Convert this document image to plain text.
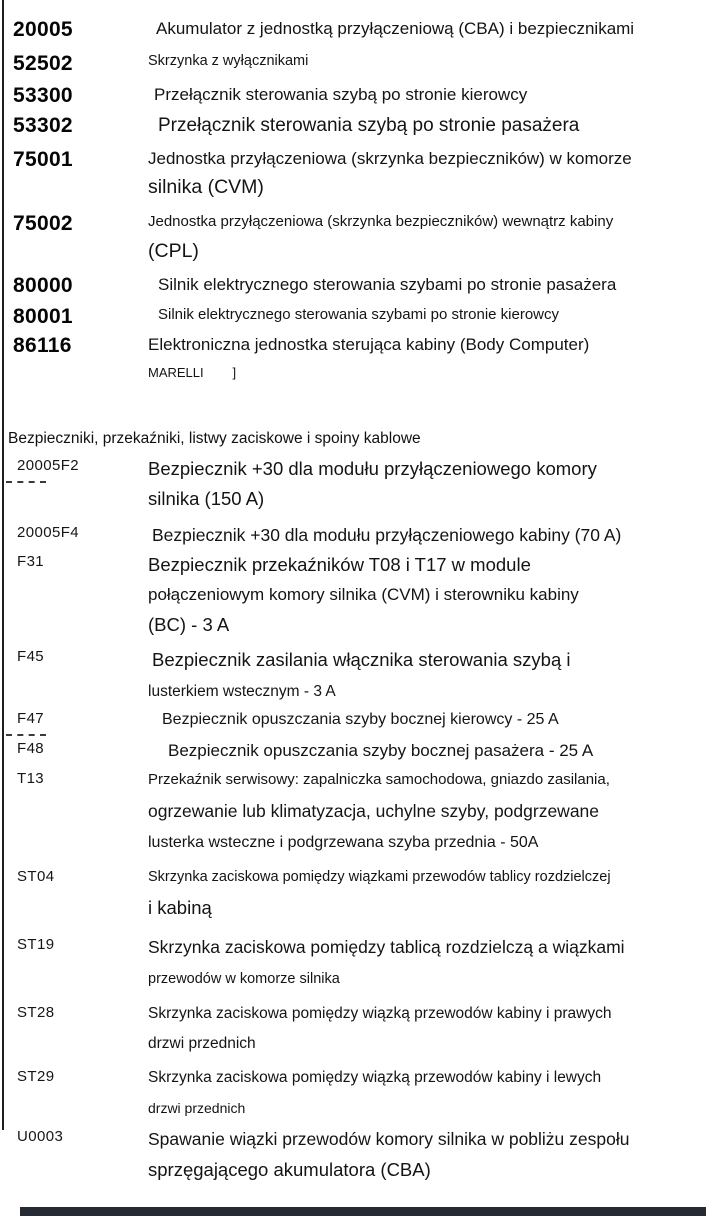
20005	Akumulator z jednostką przyłączeniową (CBA) i bezpiecznikami
52502	Skrzynka z wyłącznikami
53300	Przełącznik sterowania szybą po stronie kierowcy
53302	Przełącznik sterowania szybą po stronie pasażera
75001	Jednostka przyłączeniowa (skrzynka bezpieczników) w komorze
silnika (CVM)
75002	Jednostka przyłączeniowa (skrzynka bezpieczników) wewnątrz kabiny
(CPL)
80000	Silnik elektrycznego sterowania szybami po stronie pasażera
80001	Silnik elektrycznego sterowania szybami po stronie kierowcy
86116	Elektroniczna jednostka sterująca kabiny (Body Computer)
MARELLI        ]
Bezpieczniki, przekaźniki, listwy zaciskowe i spoiny kablowe
20005F2	Bezpiecznik +30 dla modułu przyłączeniowego komory
silnika (150 A)
20005F4	Bezpiecznik +30 dla modułu przyłączeniowego kabiny (70 A)
F31	Bezpiecznik przekaźników T08 i T17 w module
połączeniowym komory silnika (CVM) i sterowniku kabiny
(BC) - 3 A
F45	Bezpiecznik zasilania włącznika sterowania szybą i
lusterkiem wstecznym - 3 A
F47	Bezpiecznik opuszczania szyby bocznej kierowcy - 25 A
F48	Bezpiecznik opuszczania szyby bocznej pasażera - 25 A
T13	Przekaźnik serwisowy: zapalniczka samochodowa, gniazdo zasilania,
ogrzewanie lub klimatyzacja, uchylne szyby, podgrzewane
lusterka wsteczne i podgrzewana szyba przednia - 50A
ST04	Skrzynka zaciskowa pomiędzy wiązkami przewodów tablicy rozdzielczej
i kabiną
ST19	Skrzynka zaciskowa pomiędzy tablicą rozdzielczą a wiązkami
przewodów w komorze silnika
ST28	Skrzynka zaciskowa pomiędzy wiązką przewodów kabiny i prawych
drzwi przednich
ST29	Skrzynka zaciskowa pomiędzy wiązką przewodów kabiny i lewych
drzwi przednich
U0003	Spawanie wiązki przewodów komory silnika w pobliżu zespołu
sprzęgającego akumulatora (CBA)
